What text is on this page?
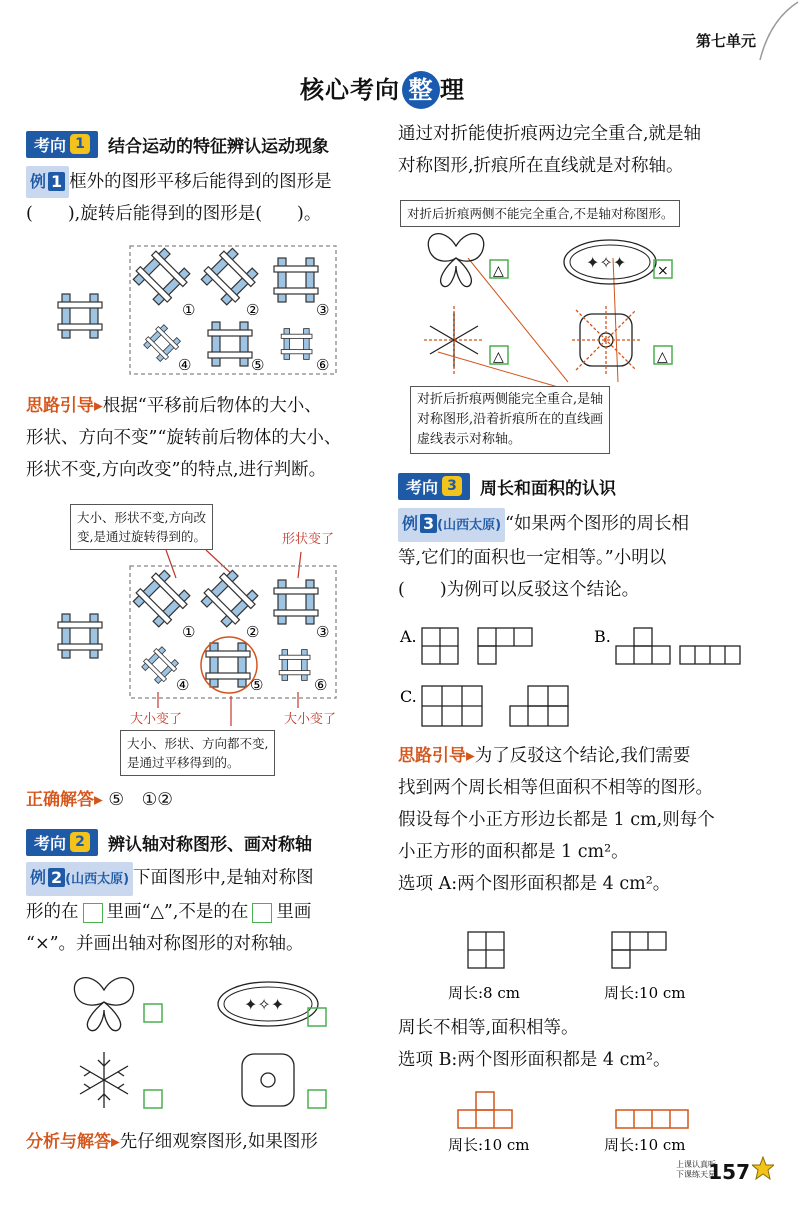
第七单元
核心考向 整 理
考向 1	结合运动的特征辨认运动现象
例 1 框外的图形平移后能得到的图形是
(　　),旋转后能得到的图形是(　　)。
①	②	③
④	⑤	⑥
思路引导▸根据“平移前后物体的大小、
形状、方向不变”“旋转前后物体的大小、
形状不变,方向改变”的特点,进行判断。
大小、形状不变,方向改
变,是通过旋转得到的。	形状变了
①	②	③
④	⑤	⑥
大小变了	大小变了
大小、形状、方向都不变,
是通过平移得到的。
正确解答▸ ⑤　①②
考向 2	辨认轴对称图形、画对称轴
例 2 (山西太原) 下面图形中,是轴对称图
形的在 里画“△”,不是的在 里画
“×”。并画出轴对称图形的对称轴。
✦✧✦
分析与解答▸先仔细观察图形,如果图形
通过对折能使折痕两边完全重合,就是轴
对称图形,折痕所在直线就是对称轴。
对折后折痕两侧不能完全重合,不是轴对称图形。
△	✦✧✦ ×
△	△
对折后折痕两侧能完全重合,是轴
对称图形,沿着折痕所在的直线画
虚线表示对称轴。
考向 3	周长和面积的认识
例 3 (山西太原) “如果两个图形的周长相
等,它们的面积也一定相等。”小明以
(　　)为例可以反驳这个结论。
A.	B.
C.
思路引导▸为了反驳这个结论,我们需要
找到两个周长相等但面积不相等的图形。
假设每个小正方形边长都是 1 cm,则每个
小正方形的面积都是 1 cm²。
选项 A:两个图形面积都是 4 cm²。
周长:8 cm	周长:10 cm
周长不相等,面积相等。
选项 B:两个图形面积都是 4 cm²。
周长:10 cm	周长:10 cm
上课认真听
下课练天星
157
